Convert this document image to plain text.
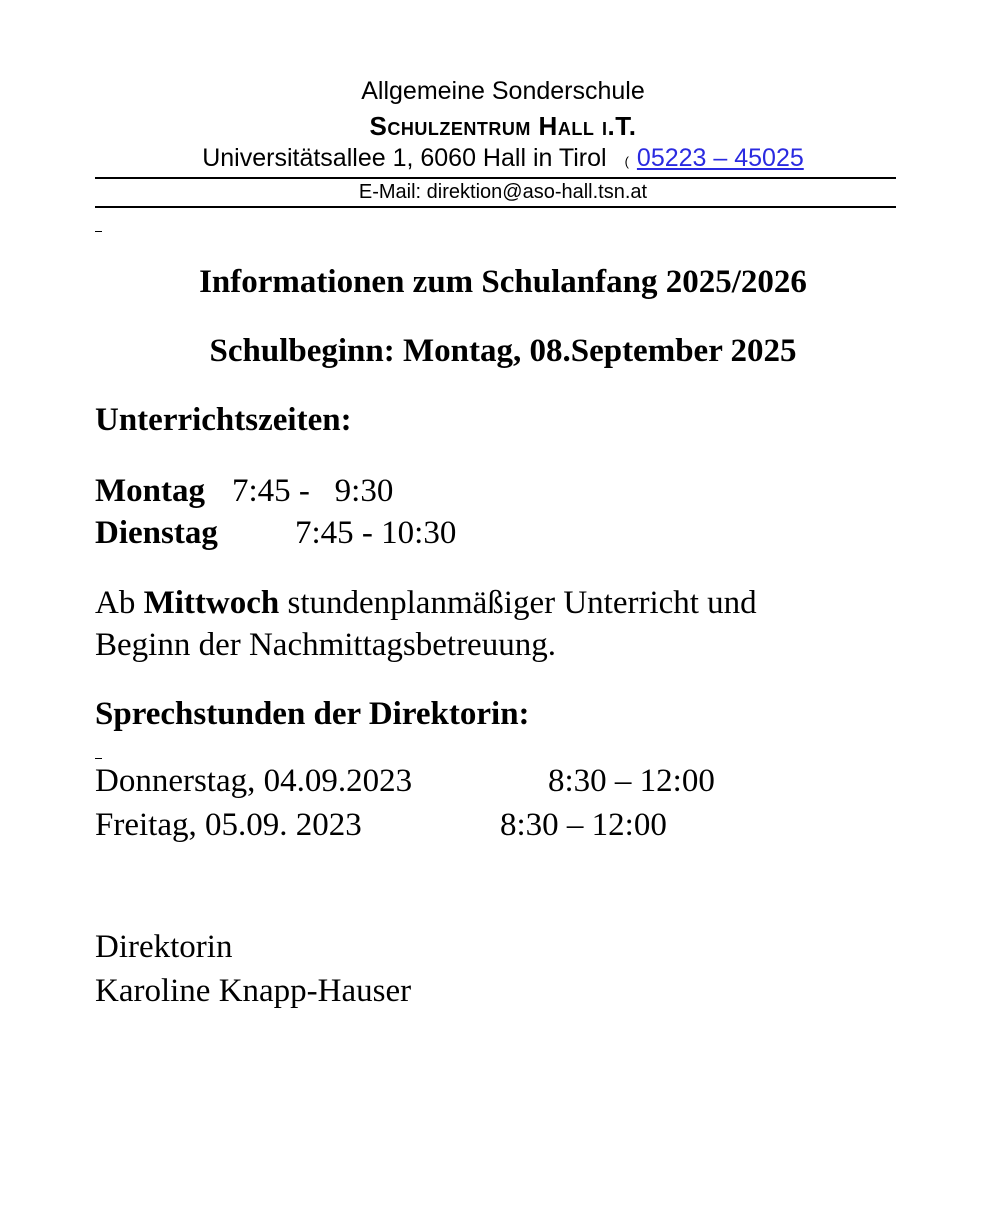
Allgemeine Sonderschule
Schulzentrum Hall i.T.
Universitätsallee 1, 6060 Hall in Tirol ( 05223 – 45025
E-Mail: direktion@aso-hall.tsn.at
Informationen zum Schulanfang 2025/2026
Schulbeginn: Montag, 08.September 2025
Unterrichtszeiten:
Montag 7:45 -   9:30
Dienstag 7:45 - 10:30
Ab Mittwoch stundenplanmäßiger Unterricht und
Beginn der Nachmittagsbetreuung.
Sprechstunden der Direktorin:
Donnerstag, 04.09.2023	8:30 – 12:00
Freitag, 05.09. 2023	8:30 – 12:00
Direktorin
Karoline Knapp-Hauser
